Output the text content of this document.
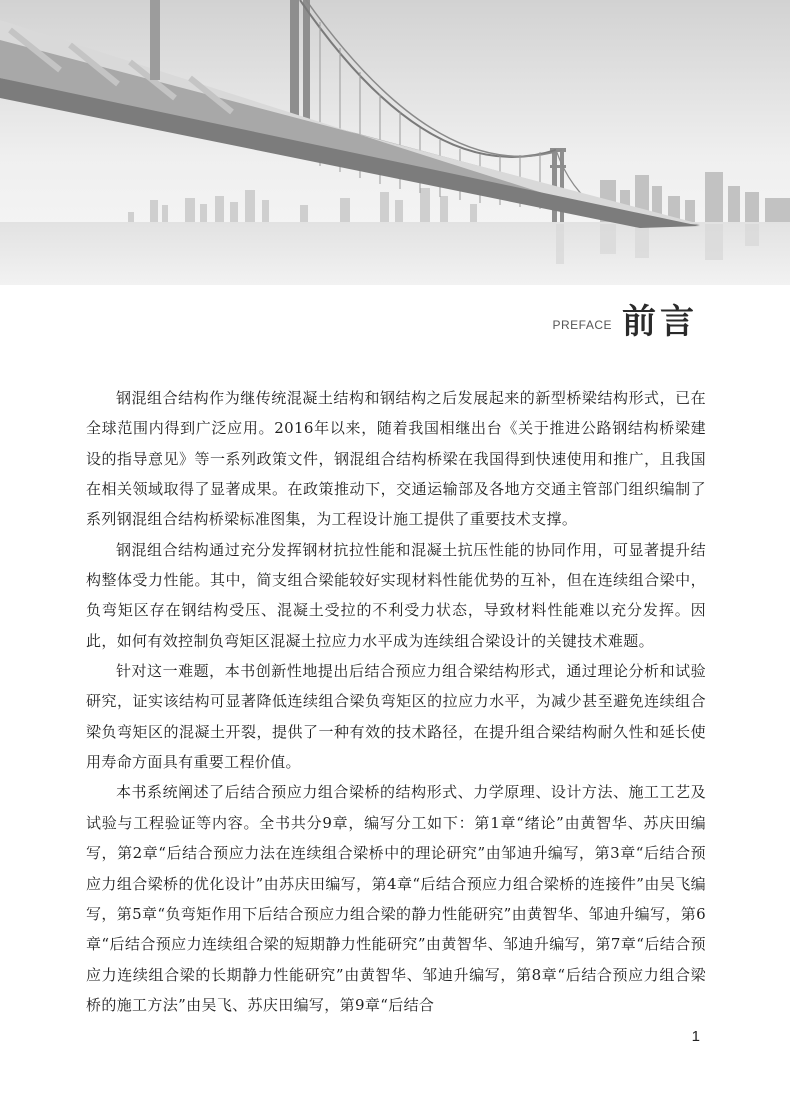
PREFACE 前言

钢混组合结构作为继传统混凝土结构和钢结构之后发展起来的新型桥梁结构形式，已在全球范围内得到广泛应用。2016年以来，随着我国相继出台《关于推进公路钢结构桥梁建设的指导意见》等一系列政策文件，钢混组合结构桥梁在我国得到快速使用和推广，且我国在相关领域取得了显著成果。在政策推动下，交通运输部及各地方交通主管部门组织编制了系列钢混组合结构桥梁标准图集，为工程设计施工提供了重要技术支撑。

钢混组合结构通过充分发挥钢材抗拉性能和混凝土抗压性能的协同作用，可显著提升结构整体受力性能。其中，简支组合梁能较好实现材料性能优势的互补，但在连续组合梁中，负弯矩区存在钢结构受压、混凝土受拉的不利受力状态，导致材料性能难以充分发挥。因此，如何有效控制负弯矩区混凝土拉应力水平成为连续组合梁设计的关键技术难题。

针对这一难题，本书创新性地提出后结合预应力组合梁结构形式，通过理论分析和试验研究，证实该结构可显著降低连续组合梁负弯矩区的拉应力水平，为减少甚至避免连续组合梁负弯矩区的混凝土开裂，提供了一种有效的技术路径，在提升组合梁结构耐久性和延长使用寿命方面具有重要工程价值。

本书系统阐述了后结合预应力组合梁桥的结构形式、力学原理、设计方法、施工工艺及试验与工程验证等内容。全书共分9章，编写分工如下：第1章“绪论”由黄智华、苏庆田编写，第2章“后结合预应力法在连续组合梁桥中的理论研究”由邹迪升编写，第3章“后结合预应力组合梁桥的优化设计”由苏庆田编写，第4章“后结合预应力组合梁桥的连接件”由吴飞编写，第5章“负弯矩作用下后结合预应力组合梁的静力性能研究”由黄智华、邹迪升编写，第6章“后结合预应力连续组合梁的短期静力性能研究”由黄智华、邹迪升编写，第7章“后结合预应力连续组合梁的长期静力性能研究”由黄智华、邹迪升编写，第8章“后结合预应力组合梁桥的施工方法”由吴飞、苏庆田编写，第9章“后结合

1
